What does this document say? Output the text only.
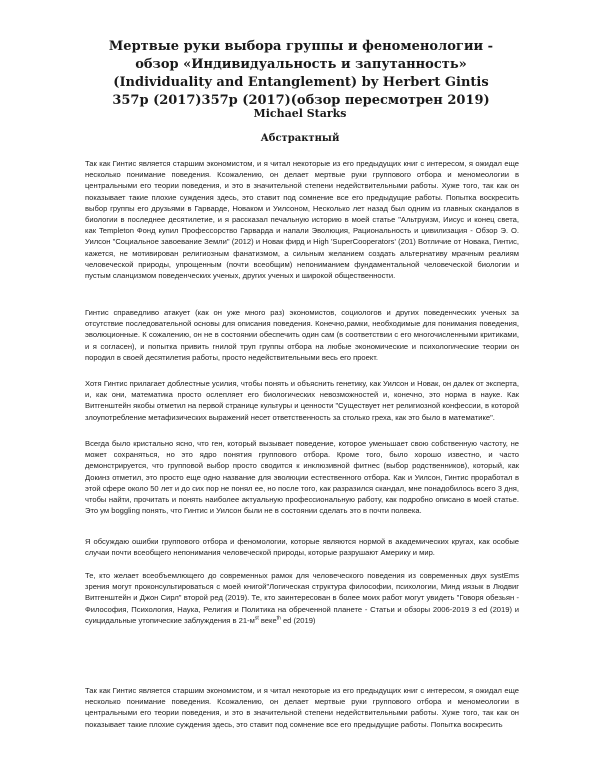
Мертвые руки выбора группы и феноменологии - обзор «Индивидуальность и запутанность» (Individuality and Entanglement) by Herbert Gintis 357p (2017)357p (2017)(обзор пересмотрен 2019)
Michael Starks
Абстрактный

Так как Гинтис является старшим экономистом, и я читал некоторые из его предыдущих книг с интересом, я ожидал еще несколько понимание поведения. Ксожалению, он делает мертвые руки группового отбора и меномеологии в центральными его теории поведения, и это в значительной степени недействительными работы. Хуже того, так как он показывает такие плохие суждения здесь, это ставит под сомнение все его предыдущие работы. Попытка воскресить выбор группы его друзьями в Гарварде, Новаком и Уилсоном, Несколько лет назад был одним из главных скандалов в биологии в последнее десятилетие, и я рассказал печальную историю в моей статье "Альтруизм, Иисус и конец света, как Templeton Фонд купил Профессорство Гарварда и напали Эволюция, Рациональность и цивилизация - Обзор Э. О. Уилсон "Социальное завоевание Земли" (2012) и Новак фирд и High 'SuperCooperators' (201) Вотличие от Новака, Гинтис, кажется, не мотивирован религиозным фанатизмом, а сильным желанием создать альтернативу мрачным реалиям человеческой природы, упрощенным (почти всеобщим) непониманием фундаментальной человеческой биологии и пустым сланцизмом поведенческих ученых, других ученых и широкой общественности.

Гинтис справедливо атакует (как он уже много раз) экономистов, социологов и других поведенческих ученых за отсутствие последовательной основы для описания поведения. Конечно,рамки, необходимые для понимания поведения, эволюционные. К сожалению, он не в состоянии обеспечить один сам (в соответствии с его многочисленными критиками, и я согласен), и попытка привить гнилой труп группы отбора на любые экономические и психологические теории он породил в своей десятилетия работы, просто недействительными весь его проект.

Хотя Гинтис прилагает доблестные усилия, чтобы понять и объяснить генетику, как Уилсон и Новак, он далек от эксперта, и, как они, математика просто ослепляет его биологических невозможностей и, конечно, это норма в науке. Как Витгенштейн якобы отметил на первой странице культуры и ценности "Существует нет религиозной конфессии, в которой злоупотребление метафизических выражений несет ответственность за столько греха, как это было в математике".

Всегда было кристально ясно, что ген, который вызывает поведение, которое уменьшает свою собственную частоту, не может сохраняться, но это ядро понятия группового отбора. Кроме того, было хорошо известно, и часто демонстрируется, что групповой выбор просто сводится к инклюзивной фитнес (выбор родственников), который, как Докинз отметил, это просто еще одно название для эволюции естественного отбора. Как и Уилсон, Гинтис проработал в этой сфере около 50 лет и до сих пор не понял ее, но после того, как разразился скандал, мне понадобилось всего 3 дня, чтобы найти, прочитать и понять наиболее актуальную профессиональную работу, как подробно описано в моей статье. Это ум boggling понять, что Гинтис и Уилсон были не в состоянии сделать это в почти полвека.

Я обсуждаю ошибки группового отбора и феномологии, которые являются нормой в академических кругах, как особые случаи почти всеобщего непонимания человеческой природы, которые разрушают Америку и мир.

Те, кто желает всеобъемлющего до современных рамок для человеческого поведения из современных двух systEms зрения могут проконсультироваться с моей книгой"Логическая структура философии, психологии, Минд иязык в Людвиг Витгенштейн и Джон Сирл" второй ред (2019). Те, кто заинтересован в более моих работ могут увидеть "Говоря обезьян - Философия, Психология, Наука, Религия и Политика на обреченной планете - Статьи и обзоры 2006-2019 3 ed (2019) и суицидальные утопические заблуждения в $21-м^{st}$ веке$^{th}$ ed (2019)

Так как Гинтис является старшим экономистом, и я читал некоторые из его предыдущих книг с интересом, я ожидал еще несколько понимание поведения. Ксожалению, он делает мертвые руки группового отбора и меномеологии в центральными его теории поведения, и это в значительной степени недействительными работы. Хуже того, так как он показывает такие плохие суждения здесь, это ставит под сомнение все его предыдущие работы. Попытка воскресить
